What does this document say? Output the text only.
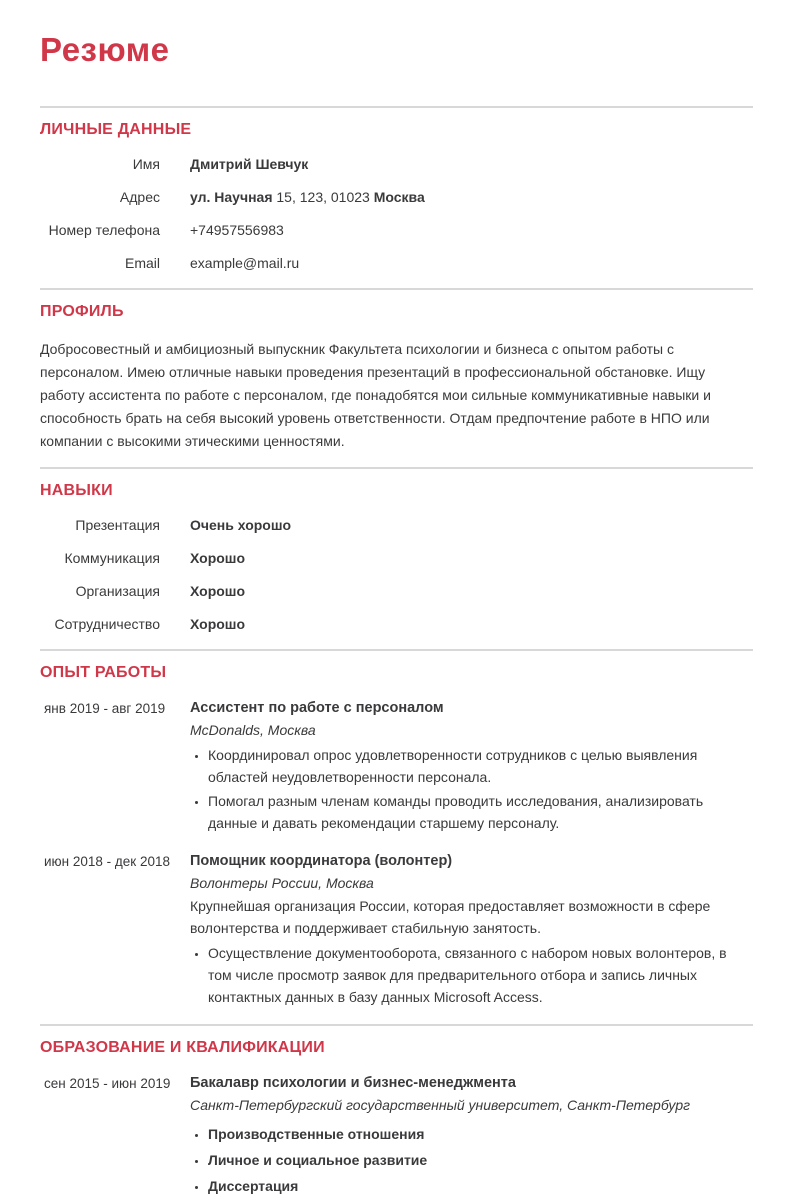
Резюме
ЛИЧНЫЕ ДАННЫЕ
Имя Дмитрий Шевчук
Адрес ул. Научная 15, 123, 01023 Москва
Номер телефона +74957556983
Email example@mail.ru
ПРОФИЛЬ

Добросовестный и амбициозный выпускник Факультета психологии и бизнеса с опытом работы с персоналом. Имею отличные навыки проведения презентаций в профессиональной обстановке. Ищу работу ассистента по работе с персоналом, где понадобятся мои сильные коммуникативные навыки и способность брать на себя высокий уровень ответственности. Отдам предпочтение работе в НПО или компании с высокими этическими ценностями.

НАВЫКИ
Презентация Очень хорошо
Коммуникация Хорошо
Организация Хорошо
Сотрудничество Хорошо
ОПЫТ РАБОТЫ
янв 2019 - авг 2019	Ассистент по работе с персоналом
McDonalds, Москва
• Координировал опрос удовлетворенности сотрудников с целью выявления областей неудовлетворенности персонала.
• Помогал разным членам команды проводить исследования, анализировать данные и давать рекомендации старшему персоналу.
июн 2018 - дек 2018	Помощник координатора (волонтер)
Волонтеры России, Москва

Крупнейшая организация России, которая предоставляет возможности в сфере волонтерства и поддерживает стабильную занятость.

• Осуществление документооборота, связанного с набором новых волонтеров, в том числе просмотр заявок для предварительного отбора и запись личных контактных данных в базу данных Microsoft Access.
ОБРАЗОВАНИЕ И КВАЛИФИКАЦИИ
сен 2015 - июн 2019	Бакалавр психологии и бизнес-менеджмента
Санкт-Петербургский государственный университет, Санкт-Петербург
• Производственные отношения
• Личное и социальное развитие
• Диссертация
